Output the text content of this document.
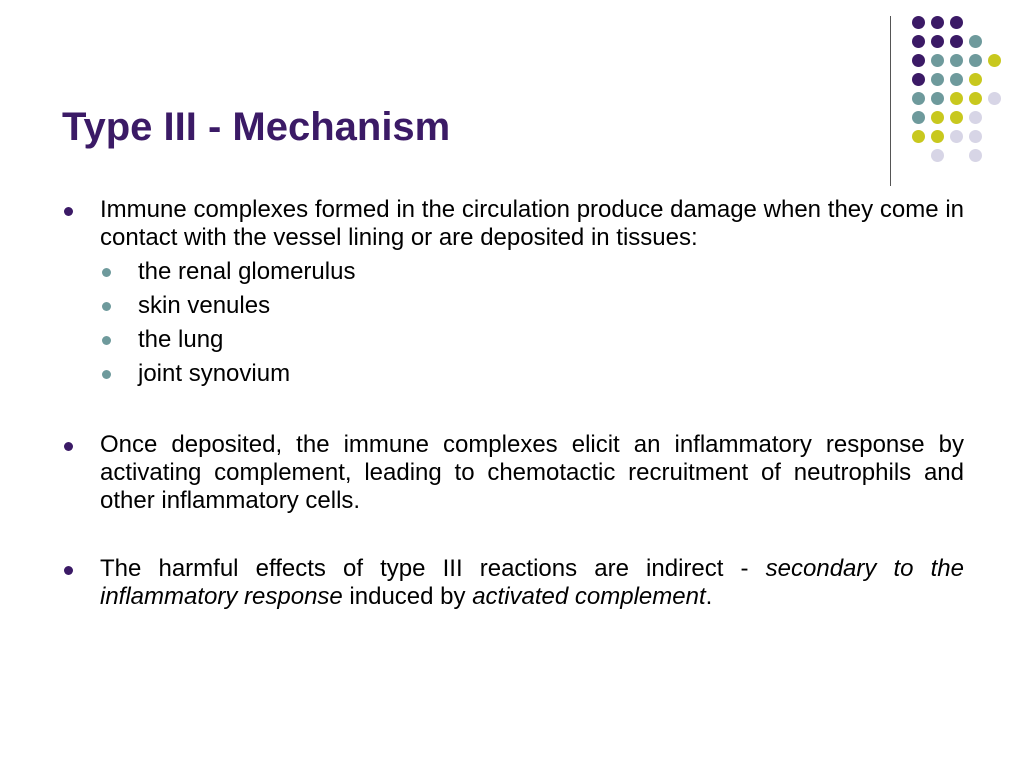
Type III - Mechanism
Immune complexes formed in the circulation produce damage when they come in contact with the vessel lining or are deposited in tissues:
the renal glomerulus
skin venules
the lung
joint synovium
Once deposited, the immune complexes elicit an inflammatory response by activating complement, leading to chemotactic recruitment of neutrophils and other inflammatory cells.
The harmful effects of type III reactions are indirect - secondary to the inflammatory response induced by activated complement.
